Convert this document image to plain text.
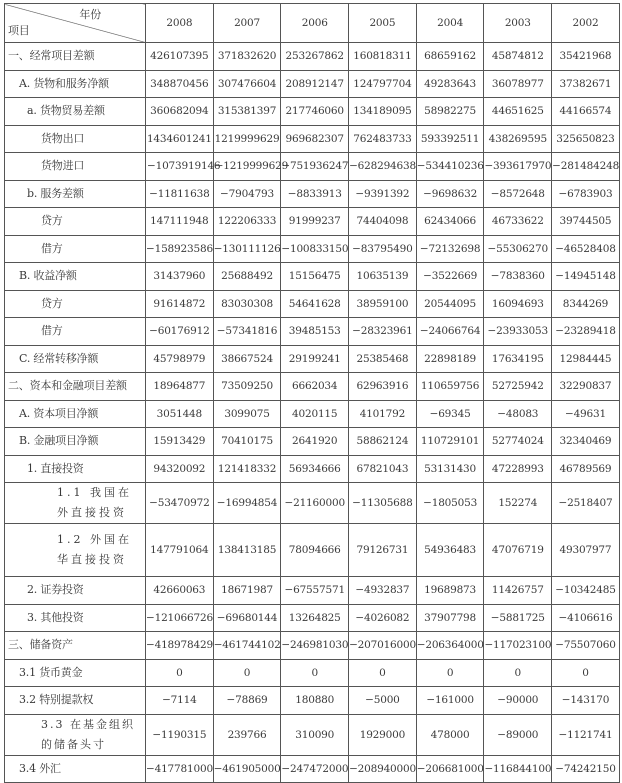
年份
项目	2008	2007	2006	2005	2004	2003	2002
一、经常项目差额	426107395	371832620	253267862	160818311	68659162	45874812	35421968
A. 货物和服务净额	348870456	307476604	208912147	124797704	49283643	36078977	37382671
a. 货物贸易差额	360682094	315381397	217746060	134189095	58982275	44651625	44166574
货物出口	1434601241	1219999629	969682307	762483733	593392511	438269595	325650823
货物进口	−1073919146	−1219999629	−751936247	−628294638	−534410236	−393617970	−281484248
b. 服务差额	−11811638	−7904793	−8833913	−9391392	−9698632	−8572648	−6783903
贷方	147111948	122206333	91999237	74404098	62434066	46733622	39744505
借方	−158923586	−130111126	−100833150	−83795490	−72132698	−55306270	−46528408
B. 收益净额	31437960	25688492	15156475	10635139	−3522669	−7838360	−14945148
贷方	91614872	83030308	54641628	38959100	20544095	16094693	8344269
借方	−60176912	−57341816	39485153	−28323961	−24066764	−23933053	−23289418
C. 经常转移净额	45798979	38667524	29199241	25385468	22898189	17634195	12984445
二、资本和金融项目差额	18964877	73509250	6662034	62963916	110659756	52725942	32290837
A. 资本项目净额	3051448	3099075	4020115	4101792	−69345	−48083	−49631
B. 金融项目净额	15913429	70410175	2641920	58862124	110729101	52774024	32340469
1. 直接投资	94320092	121418332	56934666	67821043	53131430	47228993	46789569
1.1 我国在外直接投资	−53470972	−16994854	−21160000	−11305688	−1805053	152274	−2518407
1.2 外国在华直接投资	147791064	138413185	78094666	79126731	54936483	47076719	49307977
2. 证券投资	42660063	18671987	−67557571	−4932837	19689873	11426757	−10342485
3. 其他投资	−121066726	−69680144	13264825	−4026082	37907798	−5881725	−4106616
三、储备资产	−418978429	−461744102	−246981030	−207016000	−206364000	−117023100	−75507060
3.1 货币黄金	0	0	0	0	0	0	0
3.2 特别提款权	−7114	−78869	180880	−5000	−161000	−90000	−143170
3.3 在基金组织的储备头寸	−1190315	239766	310090	1929000	478000	−89000	−1121741
3.4 外汇	−417781000	−461905000	−247472000	−208940000	−206681000	−116844100	−74242150
